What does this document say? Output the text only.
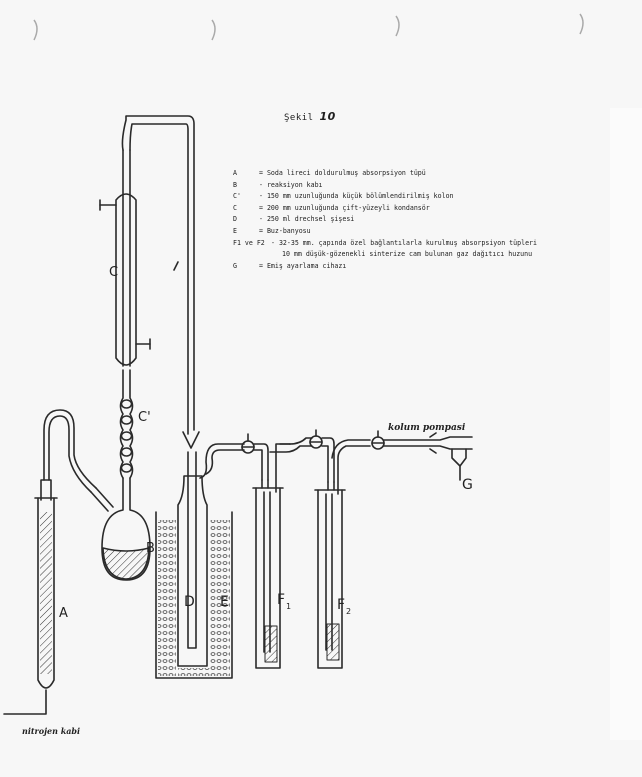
Şekil 10
A	= Soda lireci doldurulmuş absorpsiyon tüpü
B	- reaksiyon kabı
C'	- 150 mm uzunluğunda küçük bölümlendirilmiş kolon
C	= 200 mm uzunluğunda çift-yüzeyli kondansör
D	- 250 ml drechsel şişesi
E	= Buz-banyosu
F1 ve F2 - 32-35 mm. çapında özel bağlantılarla kurulmuş absorpsiyon tüpleri
10 mm düşük-gözenekli sinterize cam bulunan gaz dağıtıcı huzunu
G	= Emiş ayarlama cihazı
A
B
C
C'
D E	F 1	F 2
G
kolum pompasi
nitrojen kabi
